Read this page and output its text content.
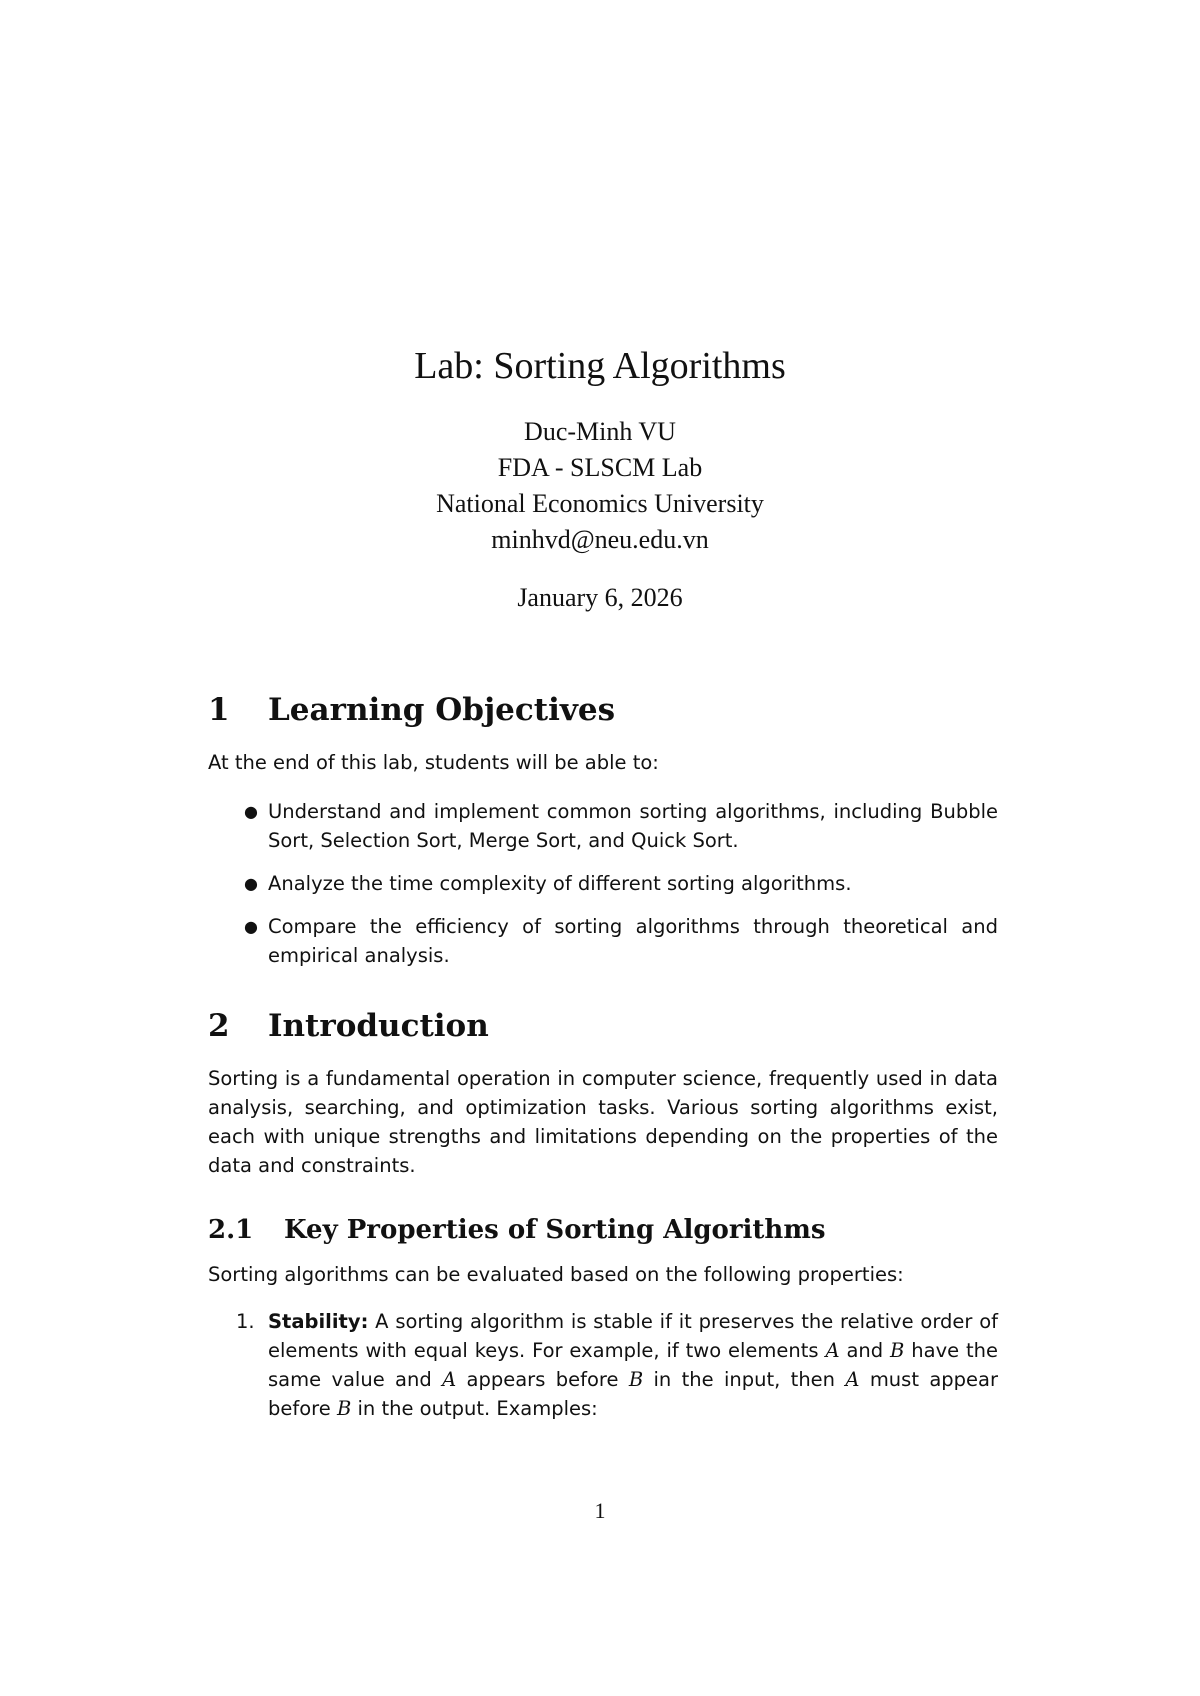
Lab: Sorting Algorithms
Duc-Minh VU
FDA - SLSCM Lab
National Economics University
minhvd@neu.edu.vn
January 6, 2026
1 Learning Objectives

At the end of this lab, students will be able to:

● Understand and implement common sorting algorithms, including Bubble Sort, Selection Sort, Merge Sort, and Quick Sort.
● Analyze the time complexity of different sorting algorithms.
● Compare the efficiency of sorting algorithms through theoretical and empirical analysis.
2 Introduction

Sorting is a fundamental operation in computer science, frequently used in data analysis, searching, and optimization tasks. Various sorting algorithms exist, each with unique strengths and limitations depending on the properties of the data and constraints.

2.1 Key Properties of Sorting Algorithms

Sorting algorithms can be evaluated based on the following properties:

1. Stability: A sorting algorithm is stable if it preserves the relative order of elements with equal keys. For example, if two elements A and B have the same value and A appears before B in the input, then A must appear before B in the output. Examples:
1
